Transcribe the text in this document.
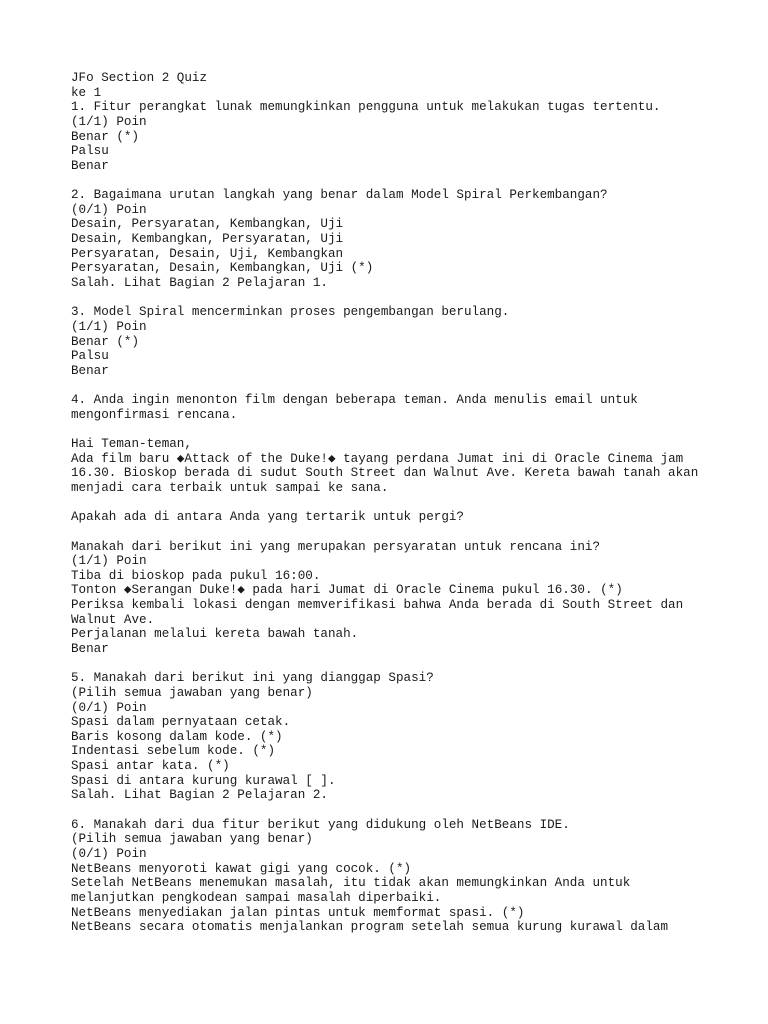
JFo Section 2 Quiz
ke 1
1. Fitur perangkat lunak memungkinkan pengguna untuk melakukan tugas tertentu.
(1/1) Poin
Benar (*)
Palsu
Benar
2. Bagaimana urutan langkah yang benar dalam Model Spiral Perkembangan?
(0/1) Poin
Desain, Persyaratan, Kembangkan, Uji
Desain, Kembangkan, Persyaratan, Uji
Persyaratan, Desain, Uji, Kembangkan
Persyaratan, Desain, Kembangkan, Uji (*)
Salah. Lihat Bagian 2 Pelajaran 1.
3. Model Spiral mencerminkan proses pengembangan berulang.
(1/1) Poin
Benar (*)
Palsu
Benar
4. Anda ingin menonton film dengan beberapa teman. Anda menulis email untuk
mengonfirmasi rencana.
Hai Teman-teman,
Ada film baru ◆Attack of the Duke!◆ tayang perdana Jumat ini di Oracle Cinema jam
16.30. Bioskop berada di sudut South Street dan Walnut Ave. Kereta bawah tanah akan
menjadi cara terbaik untuk sampai ke sana.
Apakah ada di antara Anda yang tertarik untuk pergi?
Manakah dari berikut ini yang merupakan persyaratan untuk rencana ini?
(1/1) Poin
Tiba di bioskop pada pukul 16:00.
Tonton ◆Serangan Duke!◆ pada hari Jumat di Oracle Cinema pukul 16.30. (*)
Periksa kembali lokasi dengan memverifikasi bahwa Anda berada di South Street dan
Walnut Ave.
Perjalanan melalui kereta bawah tanah.
Benar
5. Manakah dari berikut ini yang dianggap Spasi?
(Pilih semua jawaban yang benar)
(0/1) Poin
Spasi dalam pernyataan cetak.
Baris kosong dalam kode. (*)
Indentasi sebelum kode. (*)
Spasi antar kata. (*)
Spasi di antara kurung kurawal [ ].
Salah. Lihat Bagian 2 Pelajaran 2.
6. Manakah dari dua fitur berikut yang didukung oleh NetBeans IDE.
(Pilih semua jawaban yang benar)
(0/1) Poin
NetBeans menyoroti kawat gigi yang cocok. (*)
Setelah NetBeans menemukan masalah, itu tidak akan memungkinkan Anda untuk
melanjutkan pengkodean sampai masalah diperbaiki.
NetBeans menyediakan jalan pintas untuk memformat spasi. (*)
NetBeans secara otomatis menjalankan program setelah semua kurung kurawal dalam
